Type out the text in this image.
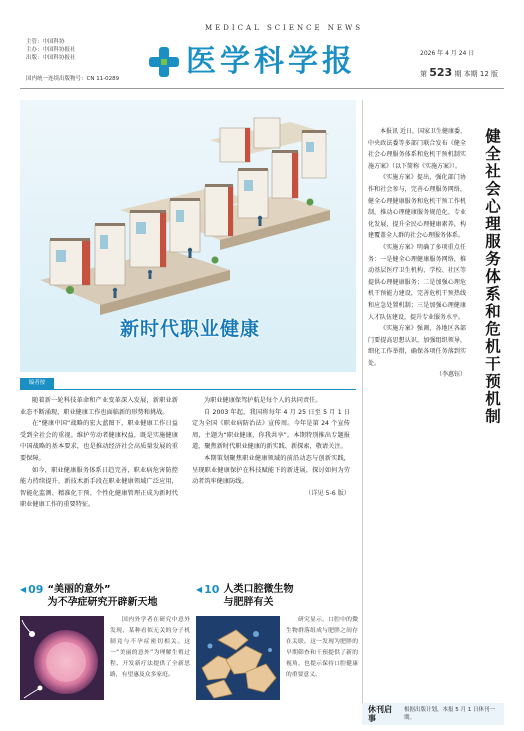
主管：中国科协
主办：中国科协报社
出版：中国科协报社
国内统一连续出版物号：CN 11-0289
MEDICAL SCIENCE NEWS
医学科学报	2026 年 4 月 24 日
第 523 期 本期 12 版
新时代职业健康
编者按

随着新一轮科技革命和产业变革深入发展，新职业新业态不断涌现，职业健康工作也面临新的形势和挑战。

在“健康中国”战略的宏大蓝图下，职业健康工作日益受到全社会的重视。维护劳动者健康权益，既是实施健康中国战略的基本要求，也是推动经济社会高质量发展的重要保障。

如今，职业健康服务体系日趋完善，职业病危害防控能力持续提升，新技术新手段在职业健康领域广泛应用，智能化监测、精准化干预、个性化健康管理正成为新时代职业健康工作的重要特征。

为职业健康保驾护航是每个人的共同责任。

自 2003 年起，我国将每年 4 月 25 日至 5 月 1 日定为全国《职业病防治法》宣传周。今年是第 24 个宣传周，主题为“职业健康，你我共享”。本期特别推出专题报道，聚焦新时代职业健康的新实践、新探索，敬请关注。

本期策划聚焦职业健康领域的前沿动态与创新实践，呈现职业健康保护在科技赋能下的新进展，探讨如何为劳动者筑牢健康防线。

（详见 5-6 版）
◀ 09 “美丽的意外”
为不孕症研究开辟新天地
国内外学者在研究中意外发现，某种看似无关的分子机制竟与不孕症密切相关。这一“美丽的意外”为理解生殖过程、开发新疗法提供了全新思路，有望惠及众多家庭。
◀ 10 人类口腔微生物
与肥胖有关
研究显示，口腔中的微生物群落组成与肥胖之间存在关联。这一发现为肥胖的早期筛查和干预提供了新的视角，也提示保持口腔健康的重要意义。

本报讯 近日，国家卫生健康委、中央政法委等多部门联合发布《健全社会心理服务体系和危机干预机制实施方案》（以下简称《实施方案》）。

《实施方案》提出，强化部门协作和社会参与，完善心理服务网络，健全心理健康服务和危机干预工作机制，推动心理健康服务规范化、专业化发展，提升全民心理健康素养，构建覆盖全人群的社会心理服务体系。

《实施方案》明确了多项重点任务：一是健全心理健康服务网络，推动基层医疗卫生机构、学校、社区等提供心理健康服务；二是加强心理危机干预能力建设，完善危机干预热线和应急处置机制；三是加强心理健康人才队伍建设，提升专业服务水平。

《实施方案》强调，各地区各部门要提高思想认识，加强组织领导，细化工作举措，确保各项任务落到实处。

（李惠钰）	健全社会心理服务体系和危机干预机制
休刊启事
根据出版计划，本报 5 月 1 日休刊一期。
